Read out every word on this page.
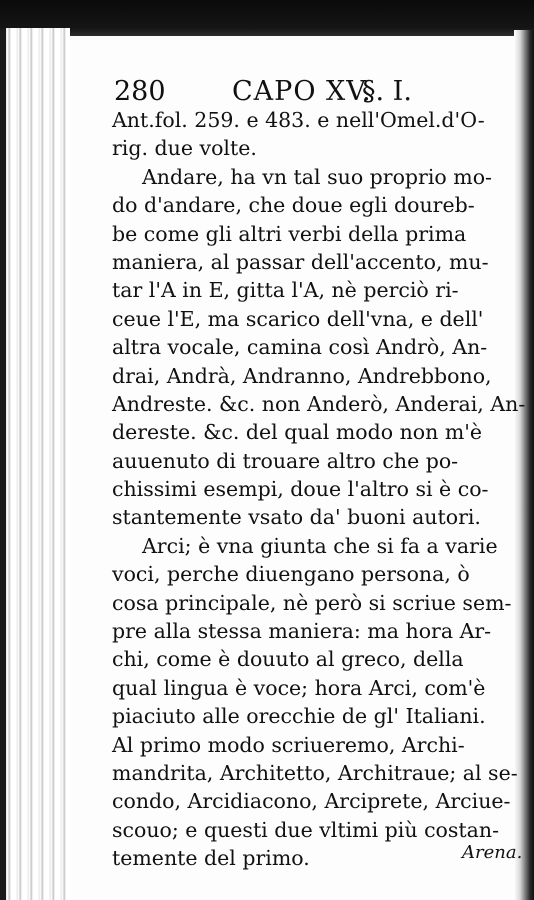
280 CAPO XV.
§. I.
Ant.fol. 259. e 483. e nell'Omel.d'O-
rig. due volte.
Andare, ha vn tal suo proprio mo-
do d'andare, che doue egli dourеb-
be come gli altri verbi della prima
maniera, al passar dell'accento, mu-
tar l'A in E, gitta l'A, nè perciò ri-
ceue l'E, ma scarico dell'vna, e dell'
altra vocale, camina così Andrò, An-
drai, Andrà, Andranno, Andrebbono,
Andreste. &c. non Anderò, Anderai, An-
dereste. &c. del qual modo non m'è
auuenuto di trouare altro che po-
chissimi esempi, doue l'altro si è co-
stantemente vsato da' buoni autori.
Arci; è vna giunta che si fa a varie
voci, perche diuengano persona, ò
cosa principale, nè però si scriue sem-
pre alla stessa maniera: ma hora Ar-
chi, come è douuto al greco, della
qual lingua è voce; hora Arci, com'è
piaciuto alle orecchie de gl' Italiani.
Al primo modo scriueremo, Archi-
mandrita, Architetto, Architraue; al se-
condo, Arcidiacono, Arciprete, Arciue-
scouo; e questi due vltimi più costan-
temente del primo.	Arena.
